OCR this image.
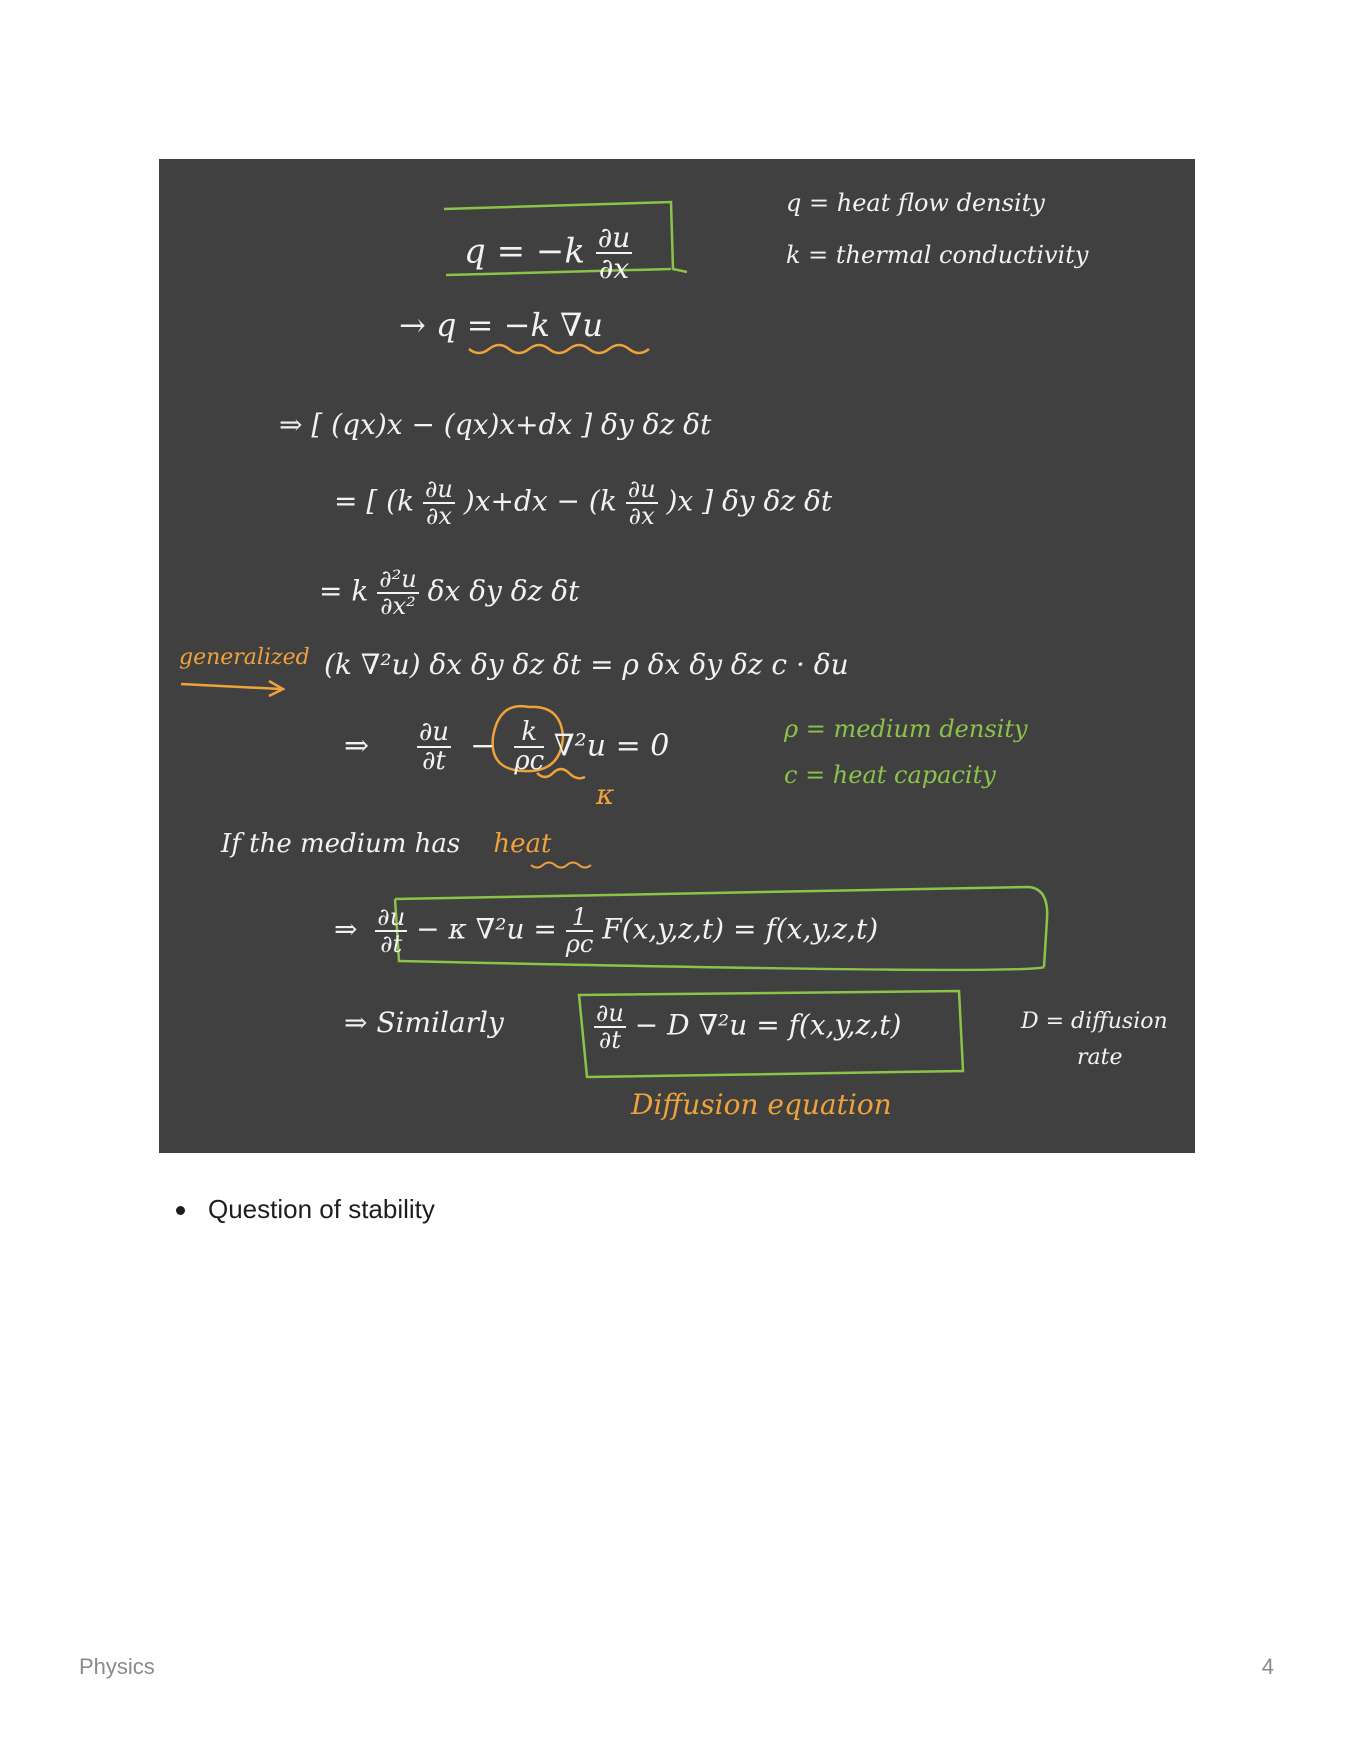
$q = -k \frac{\partial u}{\partial x}$
q = heat flow density
k = thermal conductivity
→ q = −k ∇u
⇒ [ (qx)x − (qx)x+dx ] δy δz δt
= [ $(k \frac{\partial u}{\partial x} )x+dx - (k \frac{\partial u}{\partial x} )x$ ] δy δz δt
= k $\frac{\text{∂²u}}{\text{∂x²}}$ δx δy δz δt
generalized (k ∇²u) δx δy δz δt = ρ δx δy δz c · δu
⇒ $\frac{\partial u}{\partial t} - \frac{k}{\rho c} \nabla^2u = 0$
κ
ρ = medium density
c = heat capacity
If the medium has heat
⇒ $\frac{\partial u}{\partial t} - \kappa$ $\nabla^2u = \frac{1}{\rho c} F(x,y,z,t) = f(x,y,z,t)$
⇒ Similarly	$\frac{\partial u}{\partial t} - D$ ∇²u = f(x,y,z,t)	D = diffusion
rate
Diffusion equation
Question of stability
Physics	4
